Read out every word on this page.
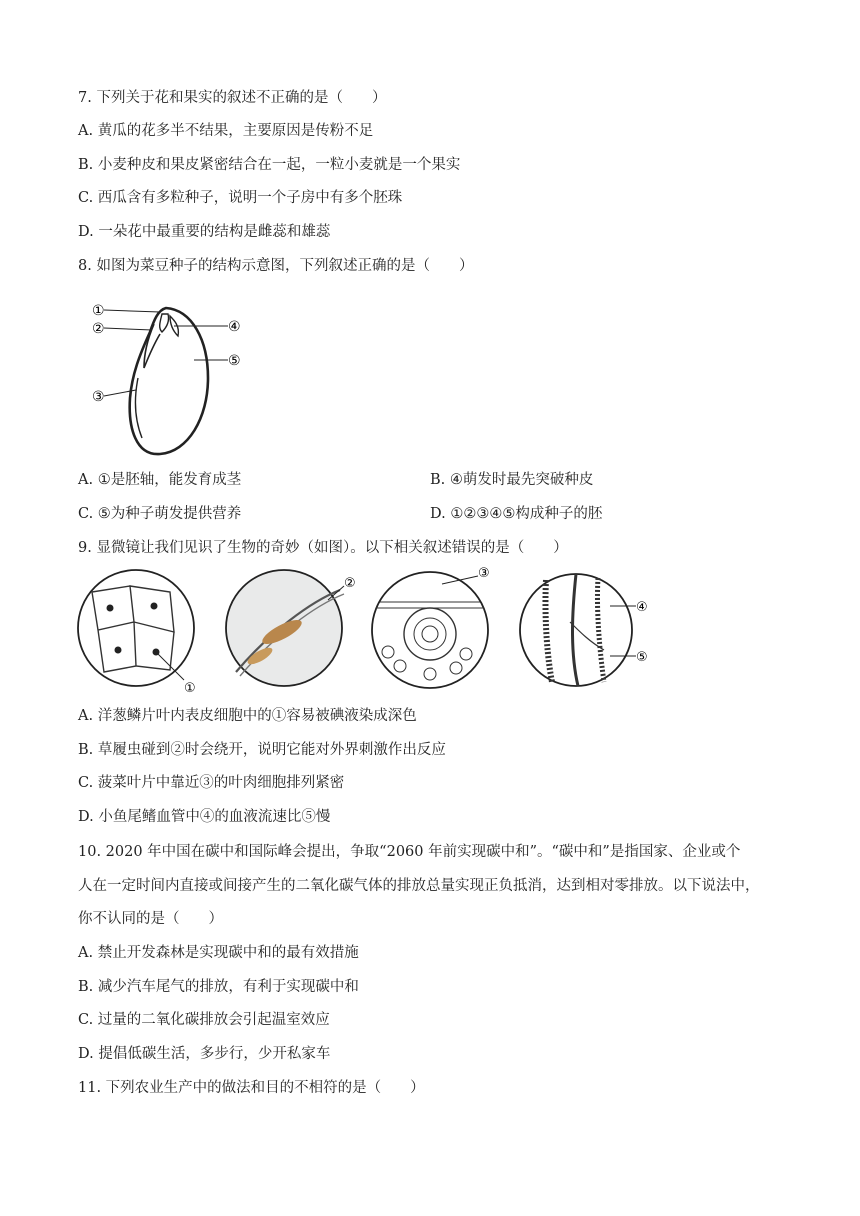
7. 下列关于花和果实的叙述不正确的是（　　）
A. 黄瓜的花多半不结果，主要原因是传粉不足
B. 小麦种皮和果皮紧密结合在一起，一粒小麦就是一个果实
C. 西瓜含有多粒种子，说明一个子房中有多个胚珠
D. 一朵花中最重要的结构是雌蕊和雄蕊
8. 如图为菜豆种子的结构示意图，下列叙述正确的是（　　）
①
②
③
④
⑤
A. ①是胚轴，能发育成茎	B. ④萌发时最先突破种皮
C. ⑤为种子萌发提供营养	D. ①②③④⑤构成种子的胚
9. 显微镜让我们见识了生物的奇妙（如图）。以下相关叙述错误的是（　　）
①
②
③
④
⑤
A. 洋葱鳞片叶内表皮细胞中的①容易被碘液染成深色
B. 草履虫碰到②时会绕开，说明它能对外界刺激作出反应
C. 菠菜叶片中靠近③的叶肉细胞排列紧密
D. 小鱼尾鳍血管中④的血液流速比⑤慢
10. 2020 年中国在碳中和国际峰会提出，争取“2060 年前实现碳中和”。“碳中和”是指国家、企业或个
人在一定时间内直接或间接产生的二氧化碳气体的排放总量实现正负抵消，达到相对零排放。以下说法中，
你不认同的是（　　）
A. 禁止开发森林是实现碳中和的最有效措施
B. 减少汽车尾气的排放，有利于实现碳中和
C. 过量的二氧化碳排放会引起温室效应
D. 提倡低碳生活，多步行，少开私家车
11. 下列农业生产中的做法和目的不相符的是（　　）
